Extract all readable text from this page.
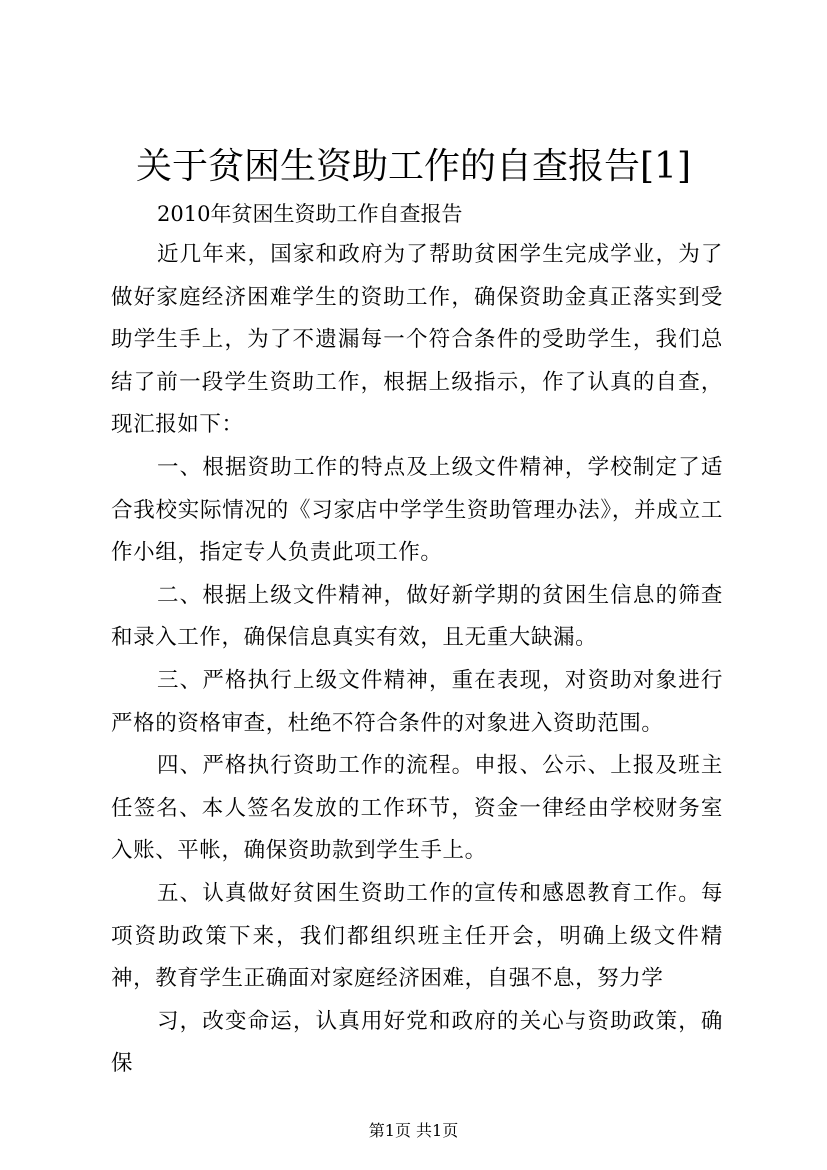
关于贫困生资助工作的自查报告[1]

2010年贫困生资助工作自查报告

近几年来，国家和政府为了帮助贫困学生完成学业，为了做好家庭经济困难学生的资助工作，确保资助金真正落实到受助学生手上，为了不遗漏每一个符合条件的受助学生，我们总结了前一段学生资助工作，根据上级指示，作了认真的自查，现汇报如下：

一、根据资助工作的特点及上级文件精神，学校制定了适合我校实际情况的《习家店中学学生资助管理办法》，并成立工作小组，指定专人负责此项工作。

二、根据上级文件精神，做好新学期的贫困生信息的筛查和录入工作，确保信息真实有效，且无重大缺漏。

三、严格执行上级文件精神，重在表现，对资助对象进行严格的资格审查，杜绝不符合条件的对象进入资助范围。

四、严格执行资助工作的流程。申报、公示、上报及班主任签名、本人签名发放的工作环节，资金一律经由学校财务室入账、平帐，确保资助款到学生手上。

五、认真做好贫困生资助工作的宣传和感恩教育工作。每项资助政策下来，我们都组织班主任开会，明确上级文件精神，教育学生正确面对家庭经济困难，自强不息，努力学

习，改变命运，认真用好党和政府的关心与资助政策，确保

第1页 共1页
